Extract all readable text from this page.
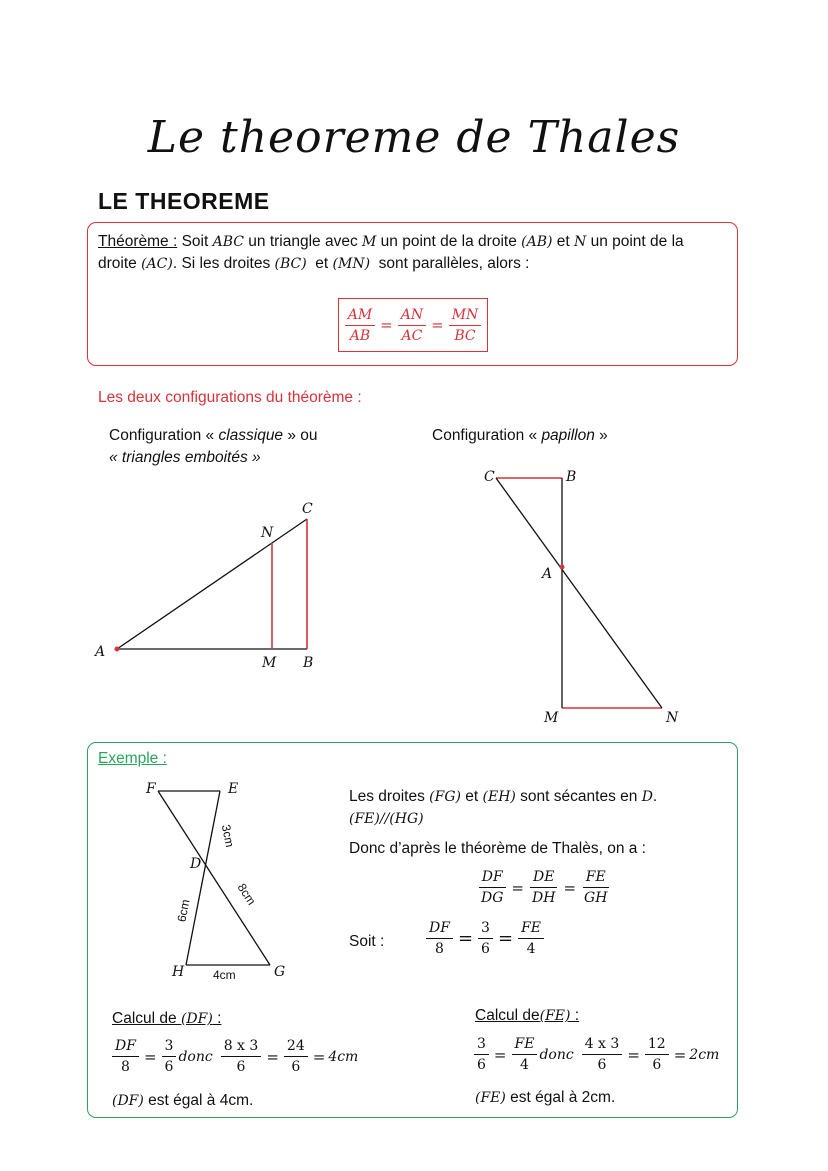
Le theoreme de Thales
LE THEOREME
Théorème : Soit ABC un triangle avec M un point de la droite (AB) et N un point de la
droite (AC). Si les droites (BC)  et (MN)  sont parallèles, alors :
$\frac{AM}{AB} = \frac{AN}{AC} = \frac{MN}{BC}$
Les deux configurations du théorème :
Configuration « classique » ou
« triangles emboités »
Configuration « papillon »
A
M B
N
C
C	B
A
M	N
F	E
D
H	G
3cm
6cm
8cm
4cm
Exemple :
Les droites (FG) et (EH) sont sécantes en D.
(FE)//(HG)
Donc d’après le théorème de Thalès, on a :
$\frac{DF}{DG} = \frac{DE}{DH} = \frac{FE}{GH}$
Soit :	$\frac{DF}{8} = \frac{3}{6} = \frac{FE}{4}$
Calcul de (DF) :
$\frac{DF}{8} = \frac{3}{6}$ donc $\frac{8 x 3}{6} = \frac{24}{6} = 4cm$
(DF) est égal à 4cm.
Calcul de(FE) :
$\frac{3}{6} = \frac{FE}{4}$ donc $\frac{4 x 3}{6} = \frac{12}{6} = 2cm$
(FE) est égal à 2cm.
